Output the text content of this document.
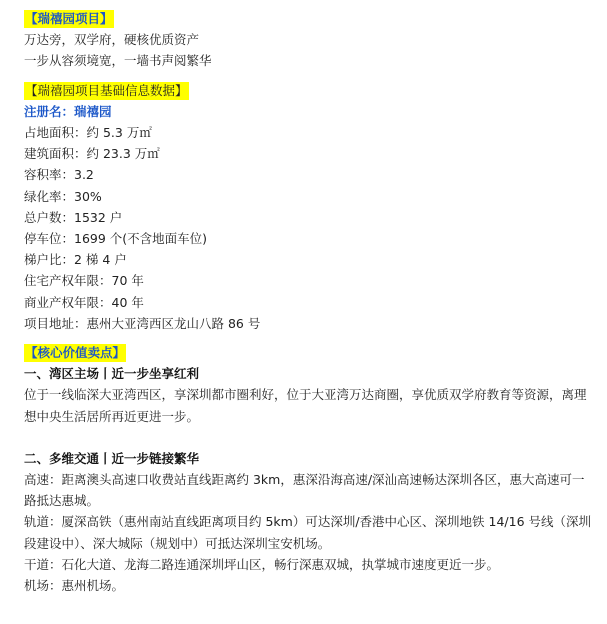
【瑞禧园项目】
万达旁，双学府，硬核优质资产
一步从容须境宽，一墙书声阅繁华
【瑞禧园项目基础信息数据】
注册名：瑞禧园
占地面积：约 5.3 万㎡
建筑面积：约 23.3 万㎡
容积率：3.2
绿化率：30%
总户数：1532 户
停车位：1699 个(不含地面车位)
梯户比：2 梯 4 户
住宅产权年限：70 年
商业产权年限：40 年
项目地址：惠州大亚湾西区龙山八路 86 号
【核心价值卖点】
一、湾区主场丨近一步坐享红利
位于一线临深大亚湾西区，享深圳都市圈利好，位于大亚湾万达商圈，享优质双学府教育等资源，离理想中央生活居所再近更进一步。
二、多维交通丨近一步链接繁华
高速：距离澳头高速口收费站直线距离约 3km，惠深沿海高速/深汕高速畅达深圳各区，惠大高速可一路抵达惠城。
轨道：厦深高铁（惠州南站直线距离项目约 5km）可达深圳/香港中心区、深圳地铁 14/16 号线（深圳段建设中）、深大城际（规划中）可抵达深圳宝安机场。
干道：石化大道、龙海二路连通深圳坪山区，畅行深惠双城，执掌城市速度更近一步。
机场：惠州机场。
